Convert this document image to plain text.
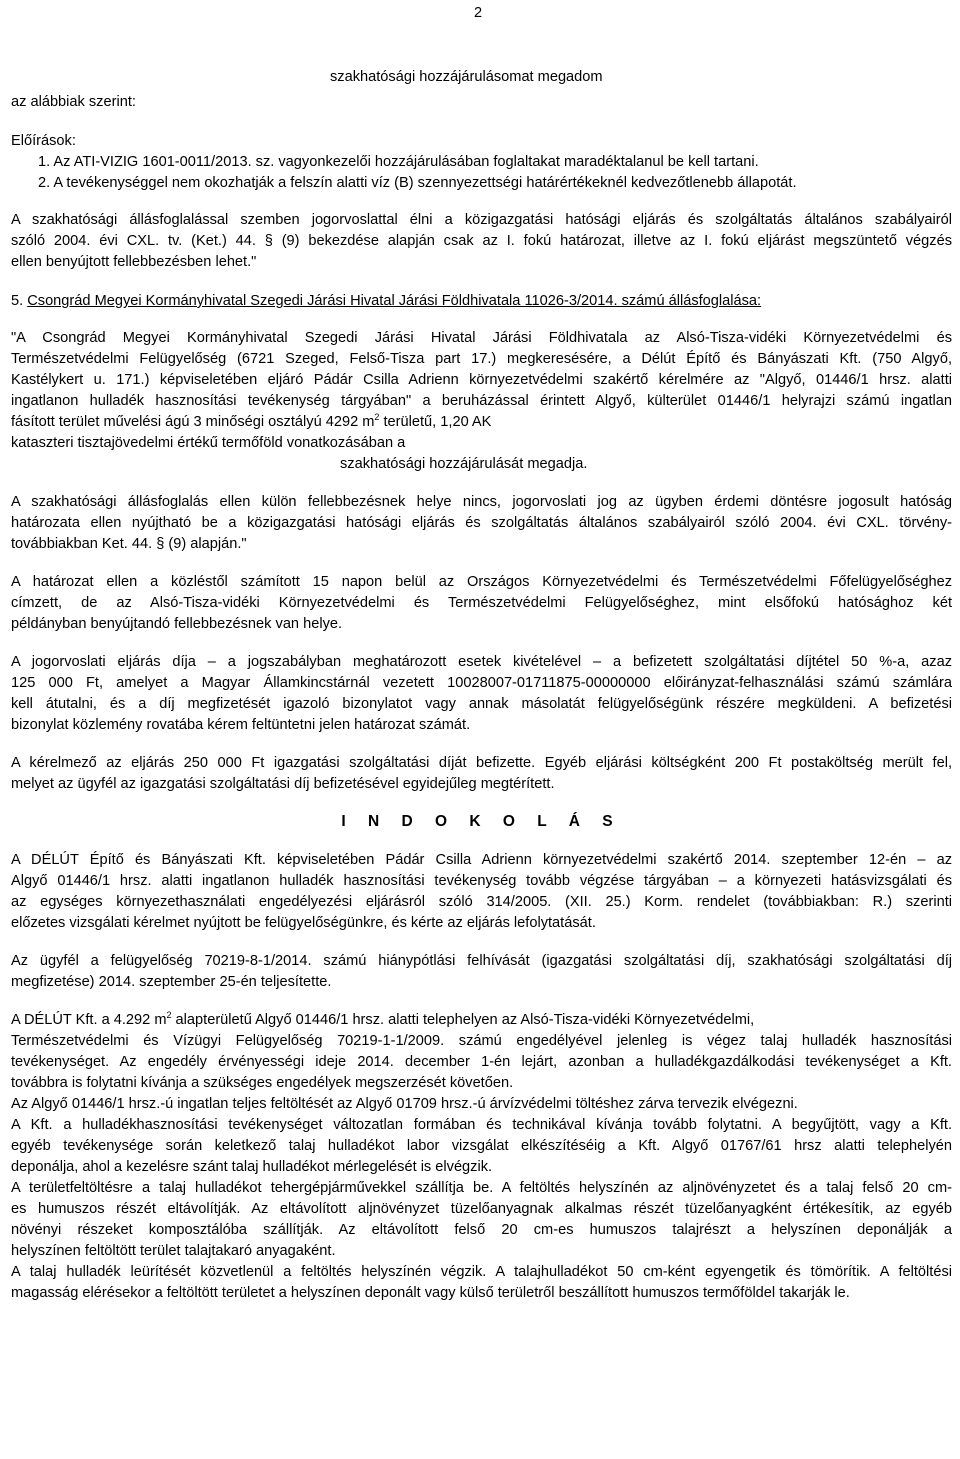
2
szakhatósági hozzájárulásomat megadom
az alábbiak szerint:
Előírások:
1. Az ATI-VIZIG 1601-0011/2013. sz. vagyonkezelői hozzájárulásában foglaltakat maradéktalanul be kell tartani.
2. A tevékenységgel nem okozhatják a felszín alatti víz (B) szennyezettségi határértékeknél kedvezőtlenebb állapotát.
A szakhatósági állásfoglalással szemben jogorvoslattal élni a közigazgatási hatósági eljárás és szolgáltatás általános szabályairól
szóló 2004. évi CXL. tv. (Ket.) 44. § (9) bekezdése alapján csak az I. fokú határozat, illetve az I. fokú eljárást megszüntető végzés
ellen benyújtott fellebbezésben lehet."
5. Csongrád Megyei Kormányhivatal Szegedi Járási Hivatal Járási Földhivatala 11026-3/2014. számú állásfoglalása:
"A Csongrád Megyei Kormányhivatal Szegedi Járási Hivatal Járási Földhivatala az Alsó-Tisza-vidéki Környezetvédelmi és
Természetvédelmi Felügyelőség (6721 Szeged, Felső-Tisza part 17.) megkeresésére, a Délút Építő és Bányászati Kft. (750 Algyő,
Kastélykert u. 171.) képviseletében eljáró Pádár Csilla Adrienn környezetvédelmi szakértő kérelmére az "Algyő, 01446/1 hrsz. alatti
ingatlanon hulladék hasznosítási tevékenység tárgyában" a beruházással érintett Algyő, külterület 01446/1 helyrajzi számú ingatlan
fásított terület művelési ágú 3 minőségi osztályú 4292 $m^2$ területű, 1,20 AK
kataszteri tisztajövedelmi értékű termőföld vonatkozásában a
szakhatósági hozzájárulását megadja.
A szakhatósági állásfoglalás ellen külön fellebbezésnek helye nincs, jogorvoslati jog az ügyben érdemi döntésre jogosult hatóság
határozata ellen nyújtható be a közigazgatási hatósági eljárás és szolgáltatás általános szabályairól szóló 2004. évi CXL. törvény-
továbbiakban Ket. 44. § (9) alapján."
A határozat ellen a közléstől számított 15 napon belül az Országos Környezetvédelmi és Természetvédelmi Főfelügyelőséghez
címzett, de az Alsó-Tisza-vidéki Környezetvédelmi és Természetvédelmi Felügyelőséghez, mint elsőfokú hatósághoz két
példányban benyújtandó fellebbezésnek van helye.
A jogorvoslati eljárás díja – a jogszabályban meghatározott esetek kivételével – a befizetett szolgáltatási díjtétel 50 %-a, azaz
125 000 Ft, amelyet a Magyar Államkincstárnál vezetett 10028007-01711875-00000000 előirányzat-felhasználási számú számlára
kell átutalni, és a díj megfizetését igazoló bizonylatot vagy annak másolatát felügyelőségünk részére megküldeni. A befizetési
bizonylat közlemény rovatába kérem feltüntetni jelen határozat számát.
A kérelmező az eljárás 250 000 Ft igazgatási szolgáltatási díját befizette. Egyéb eljárási költségként 200 Ft postaköltség merült fel,
melyet az ügyfél az igazgatási szolgáltatási díj befizetésével egyidejűleg megtérített.
I N D O K O L Á S
A DÉLÚT Építő és Bányászati Kft. képviseletében Pádár Csilla Adrienn környezetvédelmi szakértő 2014. szeptember 12-én – az
Algyő 01446/1 hrsz. alatti ingatlanon hulladék hasznosítási tevékenység tovább végzése tárgyában – a környezeti hatásvizsgálati és
az egységes környezethasználati engedélyezési eljárásról szóló 314/2005. (XII. 25.) Korm. rendelet (továbbiakban: R.) szerinti
előzetes vizsgálati kérelmet nyújtott be felügyelőségünkre, és kérte az eljárás lefolytatását.
Az ügyfél a felügyelőség 70219-8-1/2014. számú hiánypótlási felhívását (igazgatási szolgáltatási díj, szakhatósági szolgáltatási díj
megfizetése) 2014. szeptember 25-én teljesítette.
A DÉLÚT Kft. a 4.292 $m^2$ alapterületű Algyő 01446/1 hrsz. alatti telephelyen az Alsó-Tisza-vidéki Környezetvédelmi,
Természetvédelmi és Vízügyi Felügyelőség 70219-1-1/2009. számú engedélyével jelenleg is végez talaj hulladék hasznosítási
tevékenységet. Az engedély érvényességi ideje 2014. december 1-én lejárt, azonban a hulladékgazdálkodási tevékenységet a Kft.
továbbra is folytatni kívánja a szükséges engedélyek megszerzését követően.
Az Algyő 01446/1 hrsz.-ú ingatlan teljes feltöltését az Algyő 01709 hrsz.-ú árvízvédelmi töltéshez zárva tervezik elvégezni.
A Kft. a hulladékhasznosítási tevékenységet változatlan formában és technikával kívánja tovább folytatni. A begyűjtött, vagy a Kft.
egyéb tevékenysége során keletkező talaj hulladékot labor vizsgálat elkészítéséig a Kft. Algyő 01767/61 hrsz alatti telephelyén
deponálja, ahol a kezelésre szánt talaj hulladékot mérlegelését is elvégzik.
A területfeltöltésre a talaj hulladékot tehergépjárművekkel szállítja be. A feltöltés helyszínén az aljnövényzetet és a talaj felső 20 cm-
es humuszos részét eltávolítják. Az eltávolított aljnövényzet tüzelőanyagnak alkalmas részét tüzelőanyagként értékesítik, az egyéb
növényi részeket komposztálóba szállítják. Az eltávolított felső 20 cm-es humuszos talajrészt a helyszínen deponálják a
helyszínen feltöltött terület talajtakaró anyagaként.
A talaj hulladék leürítését közvetlenül a feltöltés helyszínén végzik. A talajhulladékot 50 cm-ként egyengetik és tömörítik. A feltöltési
magasság elérésekor a feltöltött területet a helyszínen deponált vagy külső területről beszállított humuszos termőföldel takarják le.
